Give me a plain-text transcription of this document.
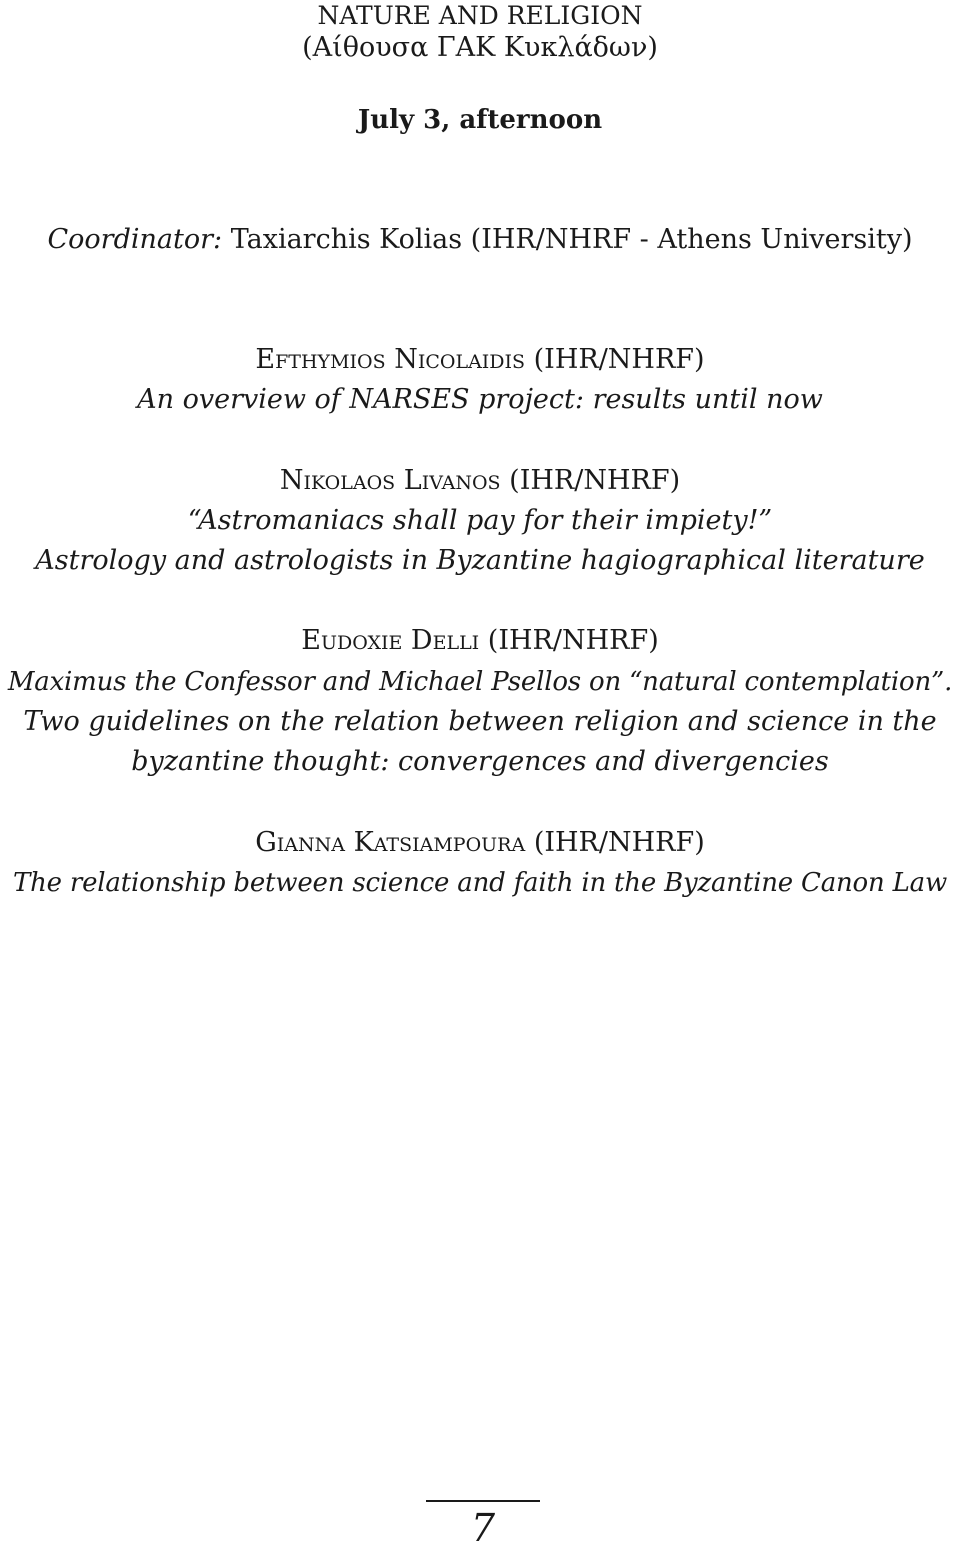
NATURE AND RELIGION
(Αίθουσα ΓΑΚ Κυκλάδων)
July 3, afternoon
Coordinator: Taxiarchis Kolias (IHR/NHRF - Athens University)
Efthymios Nicolaidis (IHR/NHRF)
An overview of NARSES project: results until now
Nikolaos Livanos (IHR/NHRF)
“Astromaniacs shall pay for their impiety!”
Astrology and astrologists in Byzantine hagiographical literature
Eudoxie Delli (IHR/NHRF)
Maximus the Confessor and Michael Psellos on “natural contemplation”.
Two guidelines on the relation between religion and science in the
byzantine thought: convergences and divergencies
Gianna Katsiampoura (IHR/NHRF)
The relationship between science and faith in the Byzantine Canon Law
7
